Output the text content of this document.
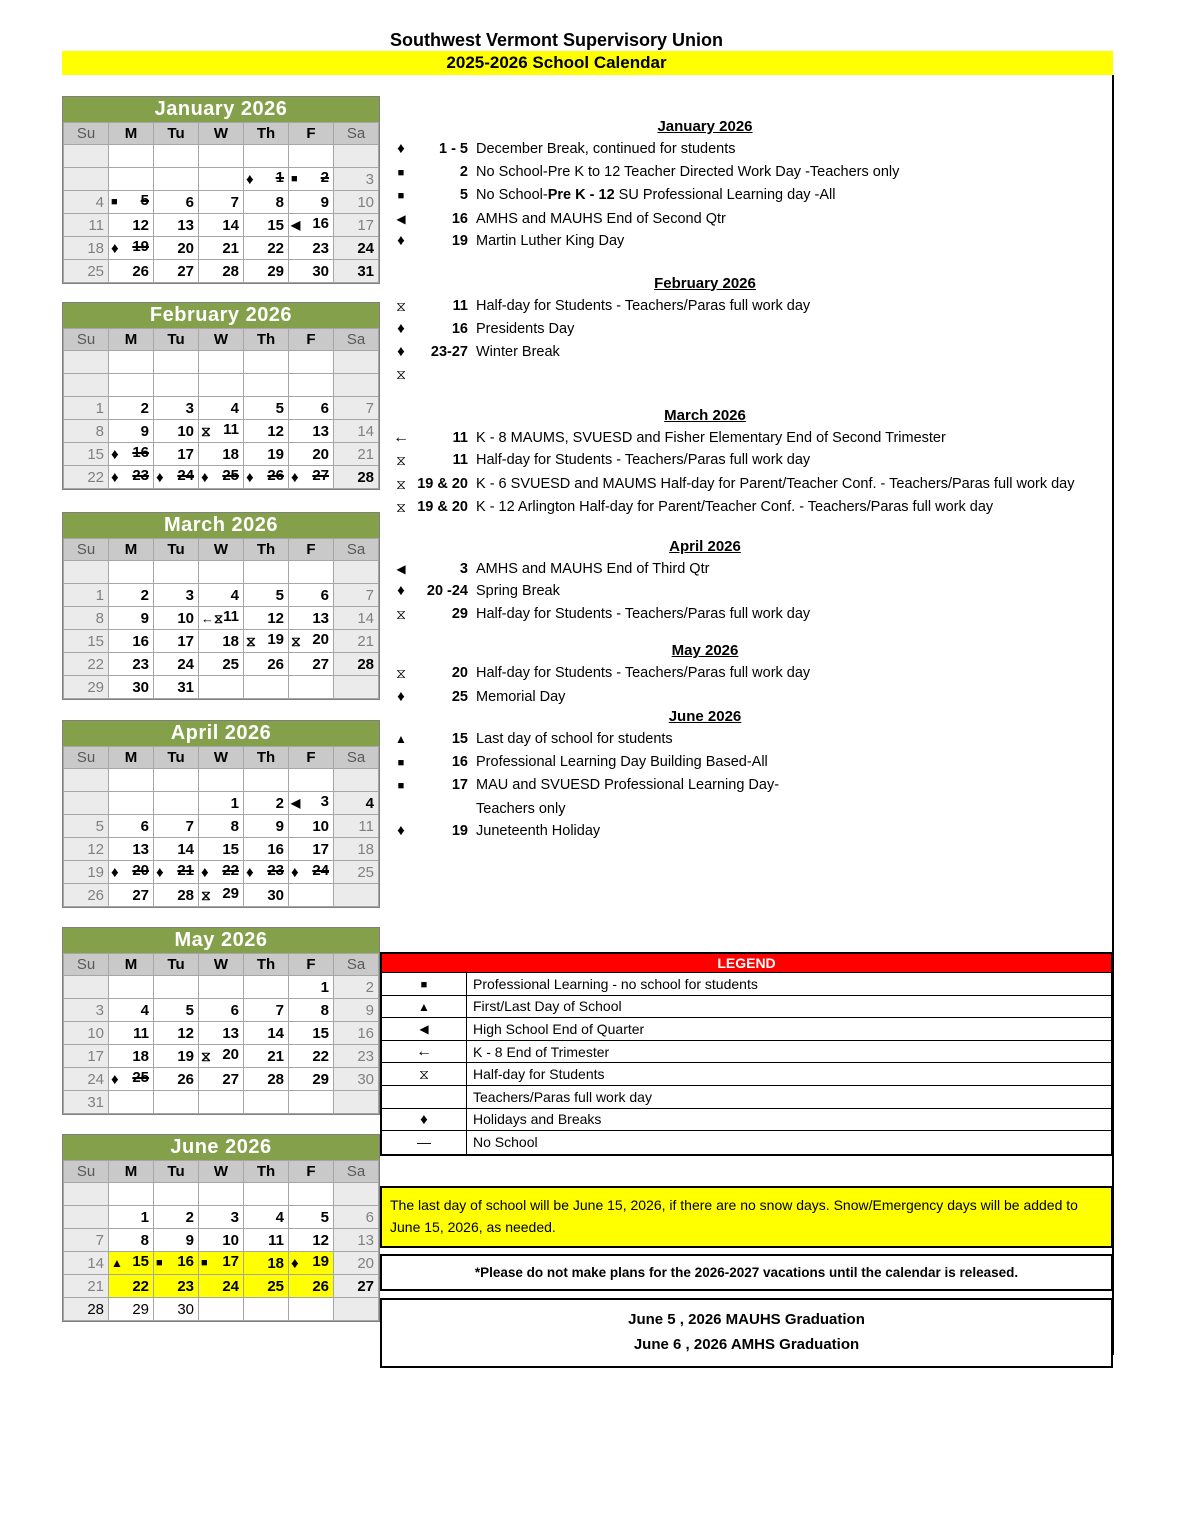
Southwest Vermont Supervisory Union
2025-2026 School Calendar
January 2026
Su	M	Tu	W	Th	F	Sa

				♦ 1	■ 2	3
4	■ 5	6	7	8	9	10
11	12	13	14	15	◀ 16	17
18	♦ 19	20	21	22	23	24
25	26	27	28	29	30	31
February 2026
Su	M	Tu	W	Th	F	Sa

1	2	3	4	5	6	7
8	9	10	⧖ 11	12	13	14
15	♦ 16	17	18	19	20	21
22	♦ 23	♦ 24	♦ 25	♦ 26	♦ 27	28
March 2026
Su	M	Tu	W	Th	F	Sa

1	2	3	4	5	6	7
8	9	10	←⧖ 11	12	13	14
15	16	17	18	⧖ 19	⧖ 20	21
22	23	24	25	26	27	28
29	30	31				
April 2026
Su	M	Tu	W	Th	F	Sa

			1	2	◀ 3	4
5	6	7	8	9	10	11
12	13	14	15	16	17	18
19	♦ 20	♦ 21	♦ 22	♦ 23	♦ 24	25
26	27	28	⧖ 29	30		
May 2026
Su	M	Tu	W	Th	F	Sa
					1	2
3	4	5	6	7	8	9
10	11	12	13	14	15	16
17	18	19	⧖ 20	21	22	23
24	♦ 25	26	27	28	29	30
31						
June 2026
Su	M	Tu	W	Th	F	Sa

	1	2	3	4	5	6
7	8	9	10	11	12	13
14	▲ 15	■ 16	■ 17	18	♦ 19	20
21	22	23	24	25	26	27
28	29	30				
January 2026
♦	1 - 5 December Break, continued for students
■	2 No School-Pre K to 12 Teacher Directed Work Day -Teachers only
■	5 No School-Pre K - 12 SU Professional Learning day -All
◀	16 AMHS and MAUHS End of Second Qtr
♦	19 Martin Luther King Day
February 2026
⧖	11 Half-day for Students - Teachers/Paras full work day
♦	16 Presidents Day
♦	23-27 Winter Break
⧖
March 2026
←	11 K - 8 MAUMS, SVUESD and Fisher Elementary End of Second Trimester
⧖	11 Half-day for Students - Teachers/Paras full work day
⧖ 19 & 20 K - 6 SVUESD and MAUMS Half-day for Parent/Teacher Conf. - Teachers/Paras full work day
⧖ 19 & 20 K - 12 Arlington Half-day for Parent/Teacher Conf. - Teachers/Paras full work day
April 2026
◀	3 AMHS and MAUHS End of Third Qtr
♦	20 -24 Spring Break
⧖	29 Half-day for Students - Teachers/Paras full work day
May 2026
⧖	20 Half-day for Students - Teachers/Paras full work day
♦	25 Memorial Day
June 2026
▲	15 Last day of school for students
■	16 Professional Learning Day Building Based-All
■	17 MAU and SVUESD Professional Learning Day-
Teachers only
♦	19 Juneteenth Holiday
LEGEND
■	Professional Learning - no school for students
▲	First/Last Day of School
◀	High School End of Quarter
←	K - 8 End of Trimester
⧖	Half-day for Students
Teachers/Paras full work day
♦	Holidays and Breaks
—	No School
The last day of school will be June 15, 2026, if there are no snow days. Snow/Emergency days will be added to June 15, 2026, as needed.
*Please do not make plans for the 2026-2027 vacations until the calendar is released.
June 5 , 2026 MAUHS Graduation
June 6 , 2026 AMHS Graduation
